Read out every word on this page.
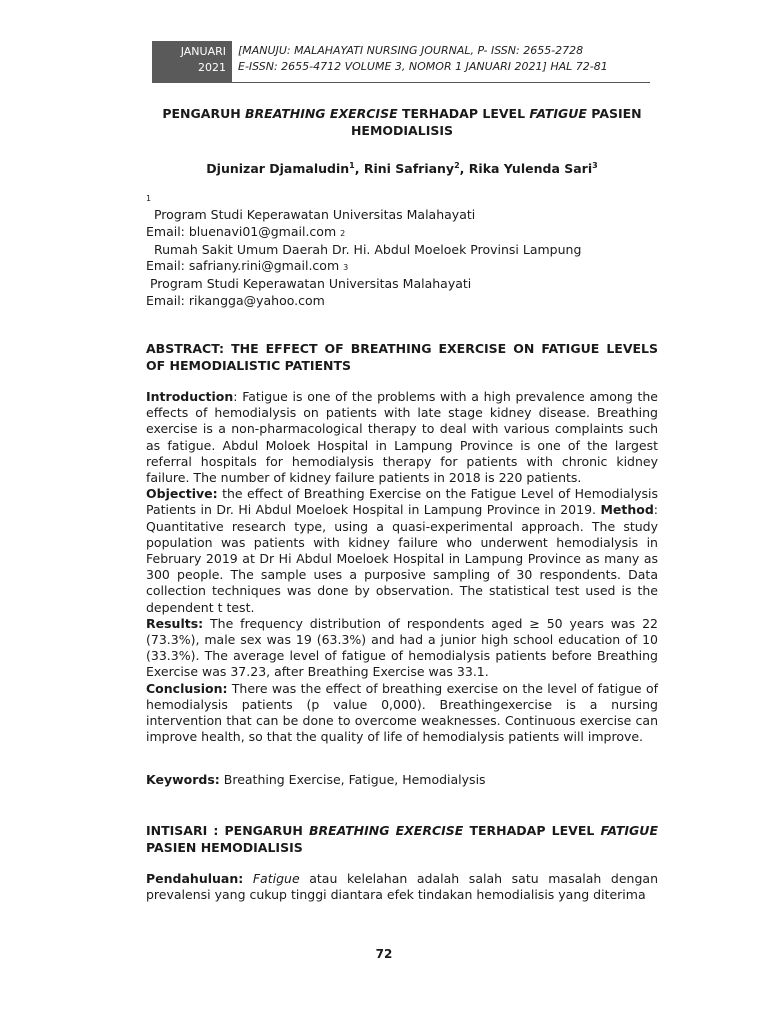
JANUARI
2021
[MANUJU: MALAHAYATI NURSING JOURNAL, P- ISSN: 2655-2728
E-ISSN: 2655-4712 VOLUME 3, NOMOR 1 JANUARI 2021] HAL 72-81
PENGARUH BREATHING EXERCISE TERHADAP LEVEL FATIGUE PASIEN
HEMODIALISIS
Djunizar Djamaludin$^1$, Rini Safriany$^2$, Rika Yulenda Sari$^3$
1
Program Studi Keperawatan Universitas Malahayati
Email: bluenavi01@gmail.com 2
Rumah Sakit Umum Daerah Dr. Hi. Abdul Moeloek Provinsi Lampung
Email: safriany.rini@gmail.com 3
Program Studi Keperawatan Universitas Malahayati
Email: rikangga@yahoo.com
ABSTRACT: THE EFFECT OF BREATHING EXERCISE ON FATIGUE LEVELS OF HEMODIALISTIC PATIENTS
Introduction: Fatigue is one of the problems with a high prevalence among the effects of hemodialysis on patients with late stage kidney disease. Breathing exercise is a non-pharmacological therapy to deal with various complaints such as fatigue. Abdul Moloek Hospital in Lampung Province is one of the largest referral hospitals for hemodialysis therapy for patients with chronic kidney failure. The number of kidney failure patients in 2018 is 220 patients.
Objective: the effect of Breathing Exercise on the Fatigue Level of Hemodialysis Patients in Dr. Hi Abdul Moeloek Hospital in Lampung Province in 2019. Method: Quantitative research type, using a quasi-experimental approach. The study population was patients with kidney failure who underwent hemodialysis in February 2019 at Dr Hi Abdul Moeloek Hospital in Lampung Province as many as 300 people. The sample uses a purposive sampling of 30 respondents. Data collection techniques was done by observation. The statistical test used is the dependent t test.
Results: The frequency distribution of respondents aged ≥ 50 years was 22 (73.3%), male sex was 19 (63.3%) and had a junior high school education of 10 (33.3%). The average level of fatigue of hemodialysis patients before Breathing Exercise was 37.23, after Breathing Exercise was 33.1.
Conclusion: There was the effect of breathing exercise on the level of fatigue of hemodialysis patients (p value 0,000). Breathingexercise is a nursing intervention that can be done to overcome weaknesses. Continuous exercise can improve health, so that the quality of life of hemodialysis patients will improve.
Keywords: Breathing Exercise, Fatigue, Hemodialysis
INTISARI : PENGARUH BREATHING EXERCISE TERHADAP LEVEL FATIGUE PASIEN HEMODIALISIS
Pendahuluan: Fatigue atau kelelahan adalah salah satu masalah dengan prevalensi yang cukup tinggi diantara efek tindakan hemodialisis yang diterima
72
